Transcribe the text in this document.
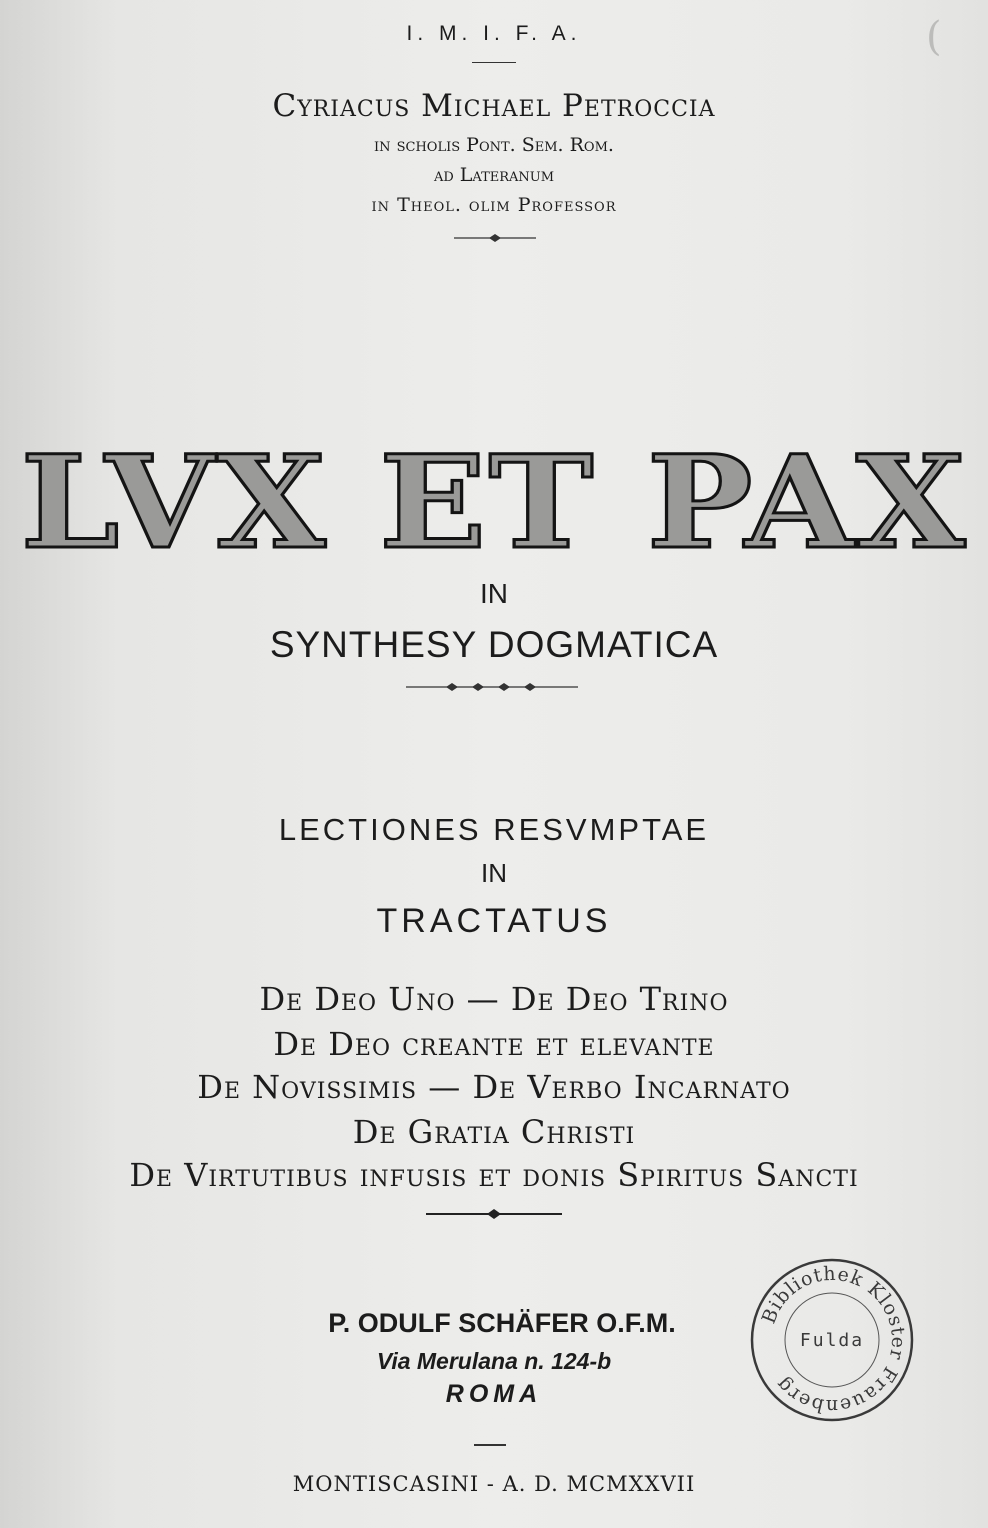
(
I. M. I. F. A.
Cyriacus Michael Petroccia
in scholis Pont. Sem. Rom.
ad Lateranum
in Theol. olim Professor
LVX ET PAX
IN
SYNTHESY DOGMATICA
LECTIONES RESVMPTAE
IN
TRACTATUS
De Deo Uno — De Deo Trino
De Deo creante et elevante
De Novissimis — De Verbo Incarnato
De Gratia Christi
De Virtutibus infusis et donis Spiritus Sancti
P. ODULF SCHÄFER O.F.M.
Via Merulana n. 124-b
ROMA
Bibliothek Kloster Frauenberg
Fulda
MONTISCASINI - A. D. MCMXXVII
